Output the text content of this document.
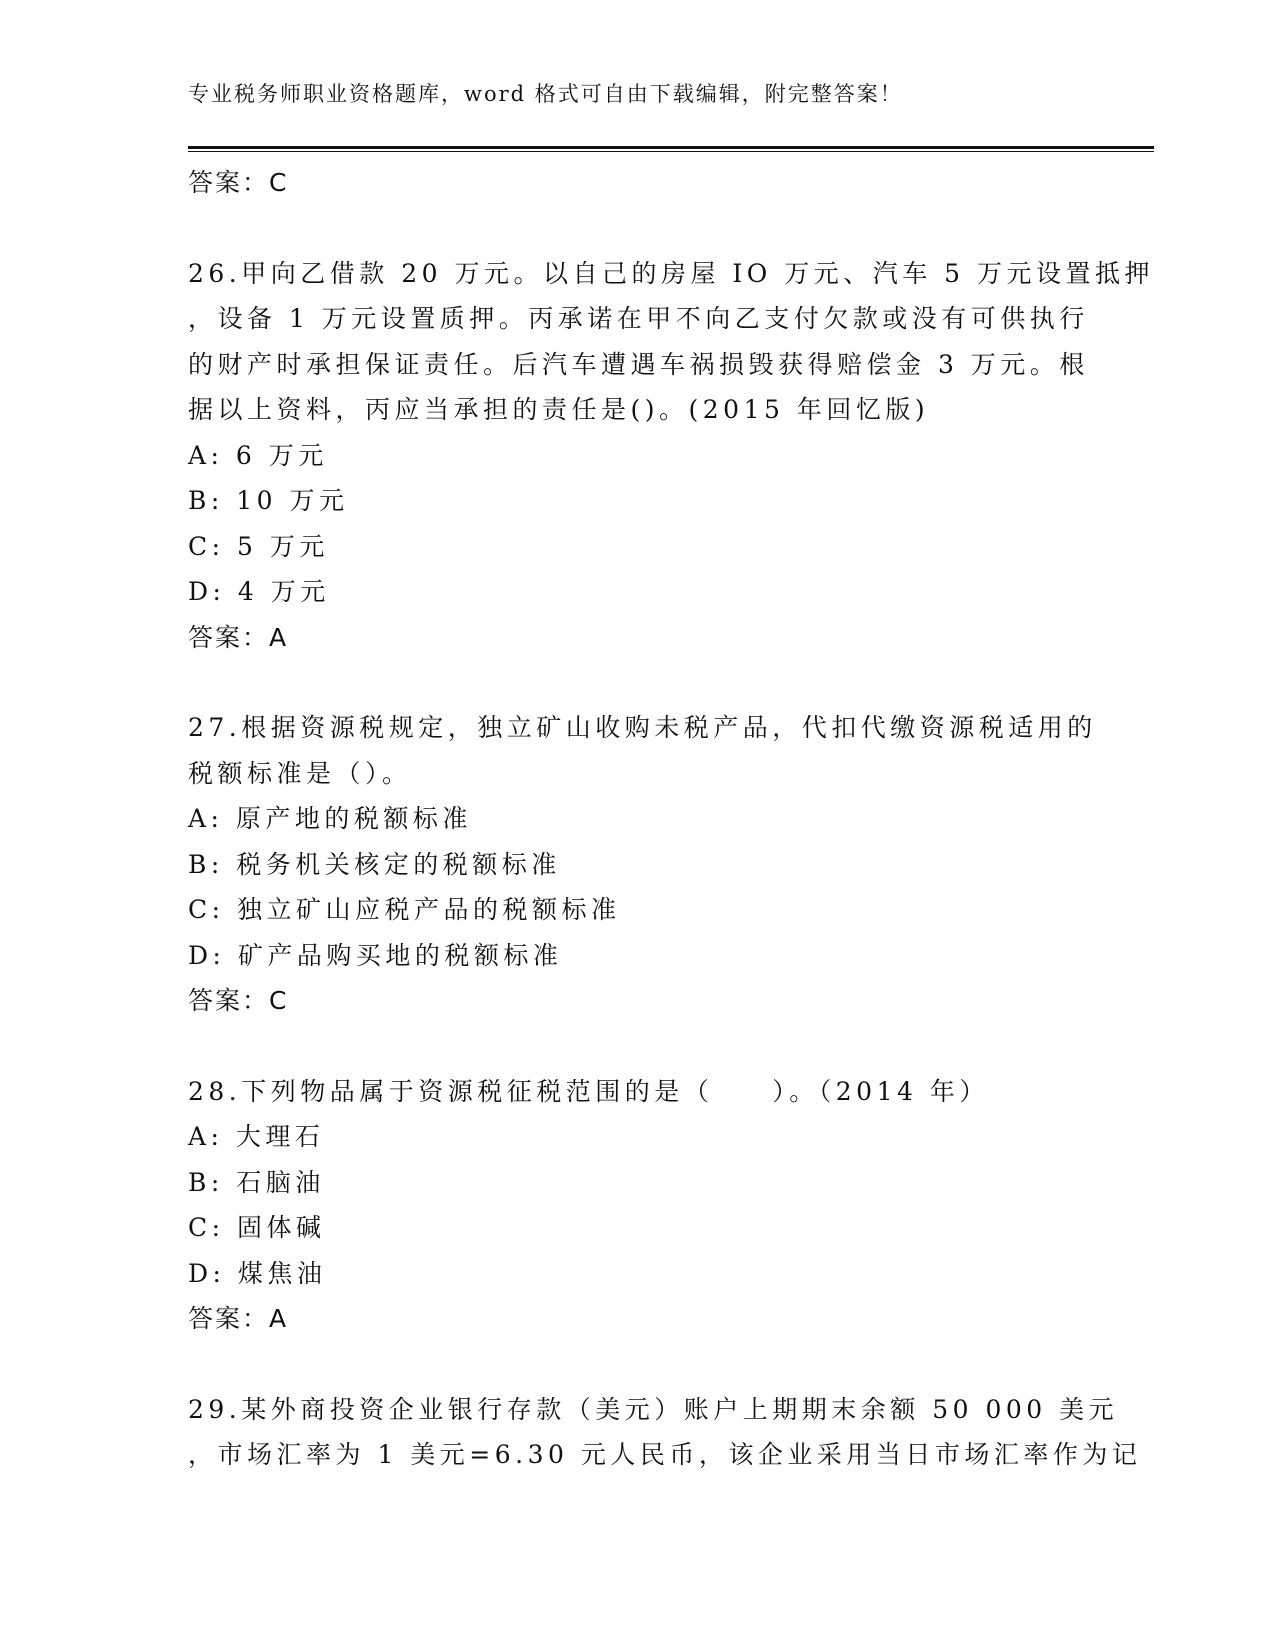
专业税务师职业资格题库，word 格式可自由下载编辑，附完整答案！
答案：C
26.甲向乙借款 20 万元。以自己的房屋 IO 万元、汽车 5 万元设置抵押
，设备 1 万元设置质押。丙承诺在甲不向乙支付欠款或没有可供执行
的财产时承担保证责任。后汽车遭遇车祸损毁获得赔偿金 3 万元。根
据以上资料，丙应当承担的责任是()。(2015 年回忆版)
A: 6 万元
B: 10 万元
C: 5 万元
D: 4 万元
答案：A
27.根据资源税规定，独立矿山收购未税产品，代扣代缴资源税适用的
税额标准是（）。
A: 原产地的税额标准
B: 税务机关核定的税额标准
C: 独立矿山应税产品的税额标准
D: 矿产品购买地的税额标准
答案：C
28.下列物品属于资源税征税范围的是（　　）。（2014 年）
A: 大理石
B: 石脑油
C: 固体碱
D: 煤焦油
答案：A
29.某外商投资企业银行存款（美元）账户上期期末余额 50 000 美元
，市场汇率为 1 美元=6.30 元人民币，该企业采用当日市场汇率作为记
